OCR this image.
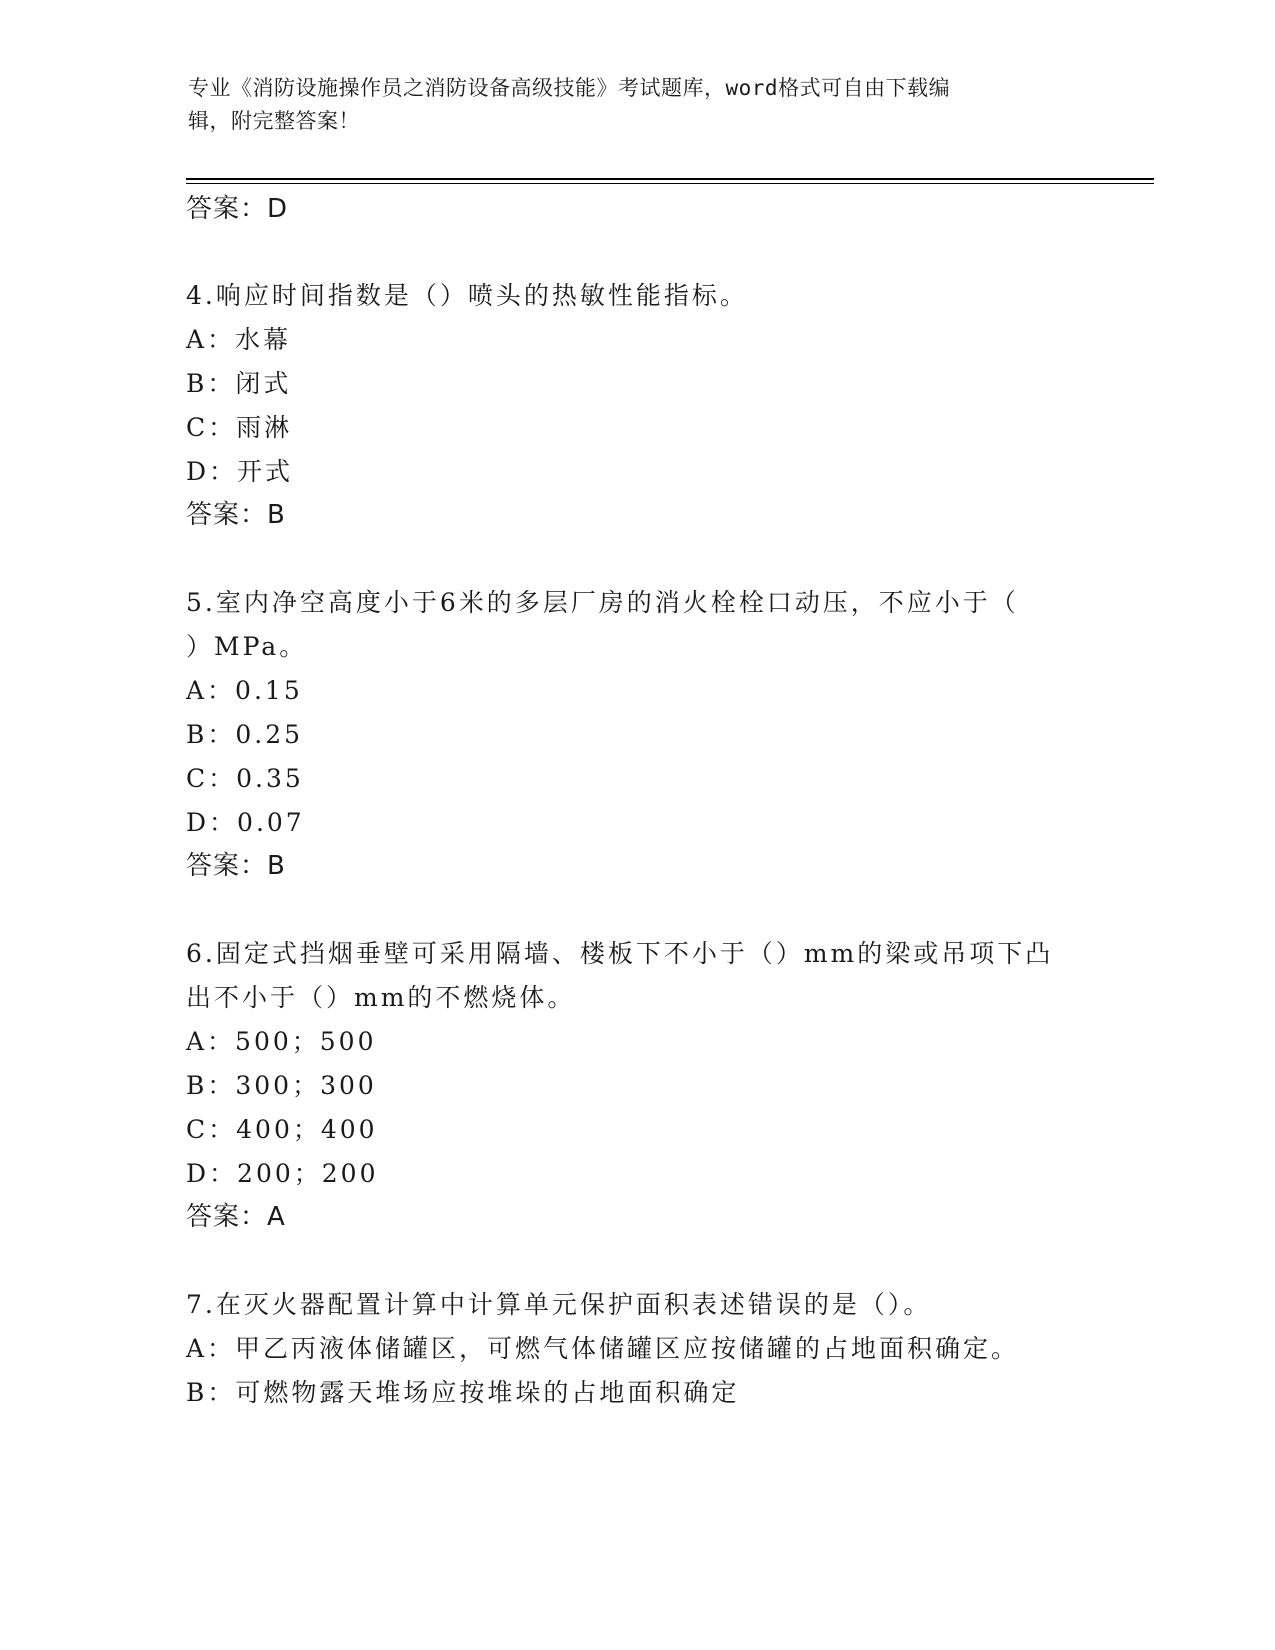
专业《消防设施操作员之消防设备高级技能》考试题库，word格式可自由下载编
辑，附完整答案！
答案：D
4.响应时间指数是（）喷头的热敏性能指标。
A：水幕
B：闭式
C：雨淋
D：开式
答案：B
5.室内净空高度小于6米的多层厂房的消火栓栓口动压，不应小于（
）MPa。
A：0.15
B：0.25
C：0.35
D：0.07
答案：B
6.固定式挡烟垂壁可采用隔墙、楼板下不小于（）mm的梁或吊项下凸
出不小于（）mm的不燃烧体。
A：500；500
B：300；300
C：400；400
D：200；200
答案：A
7.在灭火器配置计算中计算单元保护面积表述错误的是（）。
A：甲乙丙液体储罐区，可燃气体储罐区应按储罐的占地面积确定。
B：可燃物露天堆场应按堆垛的占地面积确定
